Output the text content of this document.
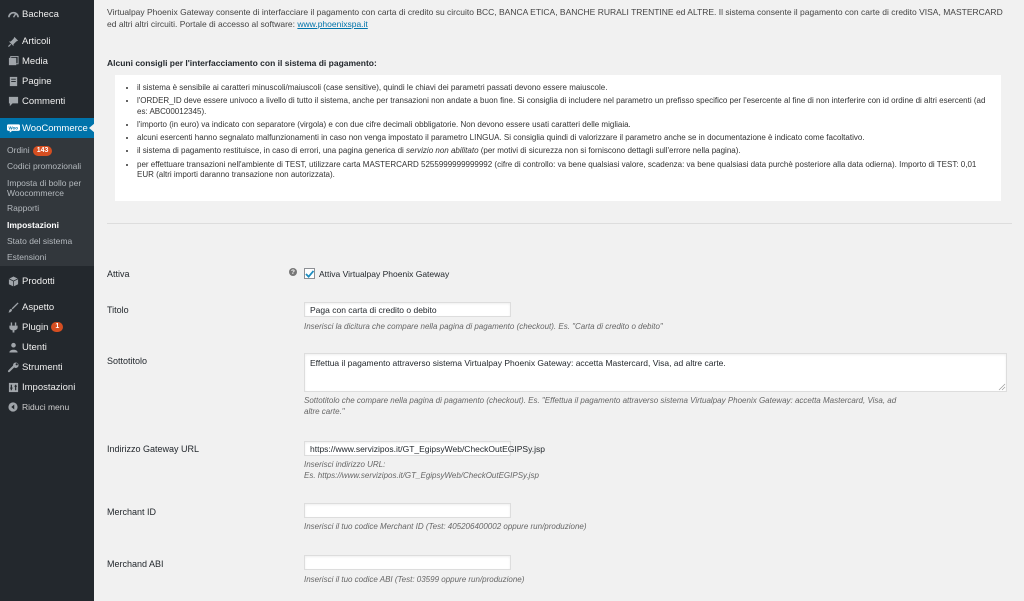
Bacheca
Articoli
Media
Pagine
Commenti
Woo WooCommerce
Ordini 143
Codici promozionali
Imposta di bollo per
Woocommerce
Rapporti
Impostazioni
Stato del sistema
Estensioni
Prodotti
Aspetto
Plugin	1
Utenti
Strumenti
Impostazioni
Riduci menu
Virtualpay Phoenix Gateway consente di interfacciare il pagamento con carta di credito su circuito BCC, BANCA ETICA, BANCHE RURALI TRENTINE ed ALTRE. Il sistema consente il pagamento con carte di credito VISA, MASTERCARD ed altri altri circuiti. Portale di accesso al software: www.phoenixspa.it
Alcuni consigli per l'interfacciamento con il sistema di pagamento:
• il sistema è sensibile ai caratteri minuscoli/maiuscoli (case sensitive), quindi le chiavi dei parametri passati devono essere maiuscole.
• l'ORDER_ID deve essere univoco a livello di tutto il sistema, anche per transazioni non andate a buon fine. Si consiglia di includere nel parametro un prefisso specifico per l'esercente al fine di non interferire con id ordine di altri esercenti (ad es: ABC00012345).
• l'importo (in euro) va indicato con separatore (virgola) e con due cifre decimali obbligatorie. Non devono essere usati caratteri delle migliaia.
• alcuni esercenti hanno segnalato malfunzionamenti in caso non venga impostato il parametro LINGUA. Si consiglia quindi di valorizzare il parametro anche se in documentazione è indicato come facoltativo.
• il sistema di pagamento restituisce, in caso di errori, una pagina generica di servizio non abilitato (per motivi di sicurezza non si forniscono dettagli sull'errore nella pagina).
• per effettuare transazioni nell'ambiente di TEST, utilizzare carta MASTERCARD 5255999999999992 (cifre di controllo: va bene qualsiasi valore, scadenza: va bene qualsiasi data purchè posteriore alla data odierna). Importo di TEST: 0,01 EUR (altri importi daranno transazione non autorizzata).
Attiva	?	Attiva Virtualpay Phoenix Gateway
Titolo	Paga con carta di credito o debito
Inserisci la dicitura che compare nella pagina di pagamento (checkout). Es. "Carta di credito o debito"
Sottotitolo	Effettua il pagamento attraverso sistema Virtualpay Phoenix Gateway: accetta Mastercard, Visa, ad altre carte.
Sottotitolo che compare nella pagina di pagamento (checkout). Es. "Effettua il pagamento attraverso sistema Virtualpay Phoenix Gateway: accetta Mastercard, Visa, ad
altre carte."
Indirizzo Gateway URL	https://www.servizipos.it/GT_EgipsyWeb/CheckOutEGIPSy.jsp
Inserisci indirizzo URL:
Es. https://www.servizipos.it/GT_EgipsyWeb/CheckOutEGIPSy.jsp
Merchant ID
Inserisci il tuo codice Merchant ID (Test: 405206400002 oppure run/produzione)
Merchand ABI
Inserisci il tuo codice ABI (Test: 03599 oppure run/produzione)
